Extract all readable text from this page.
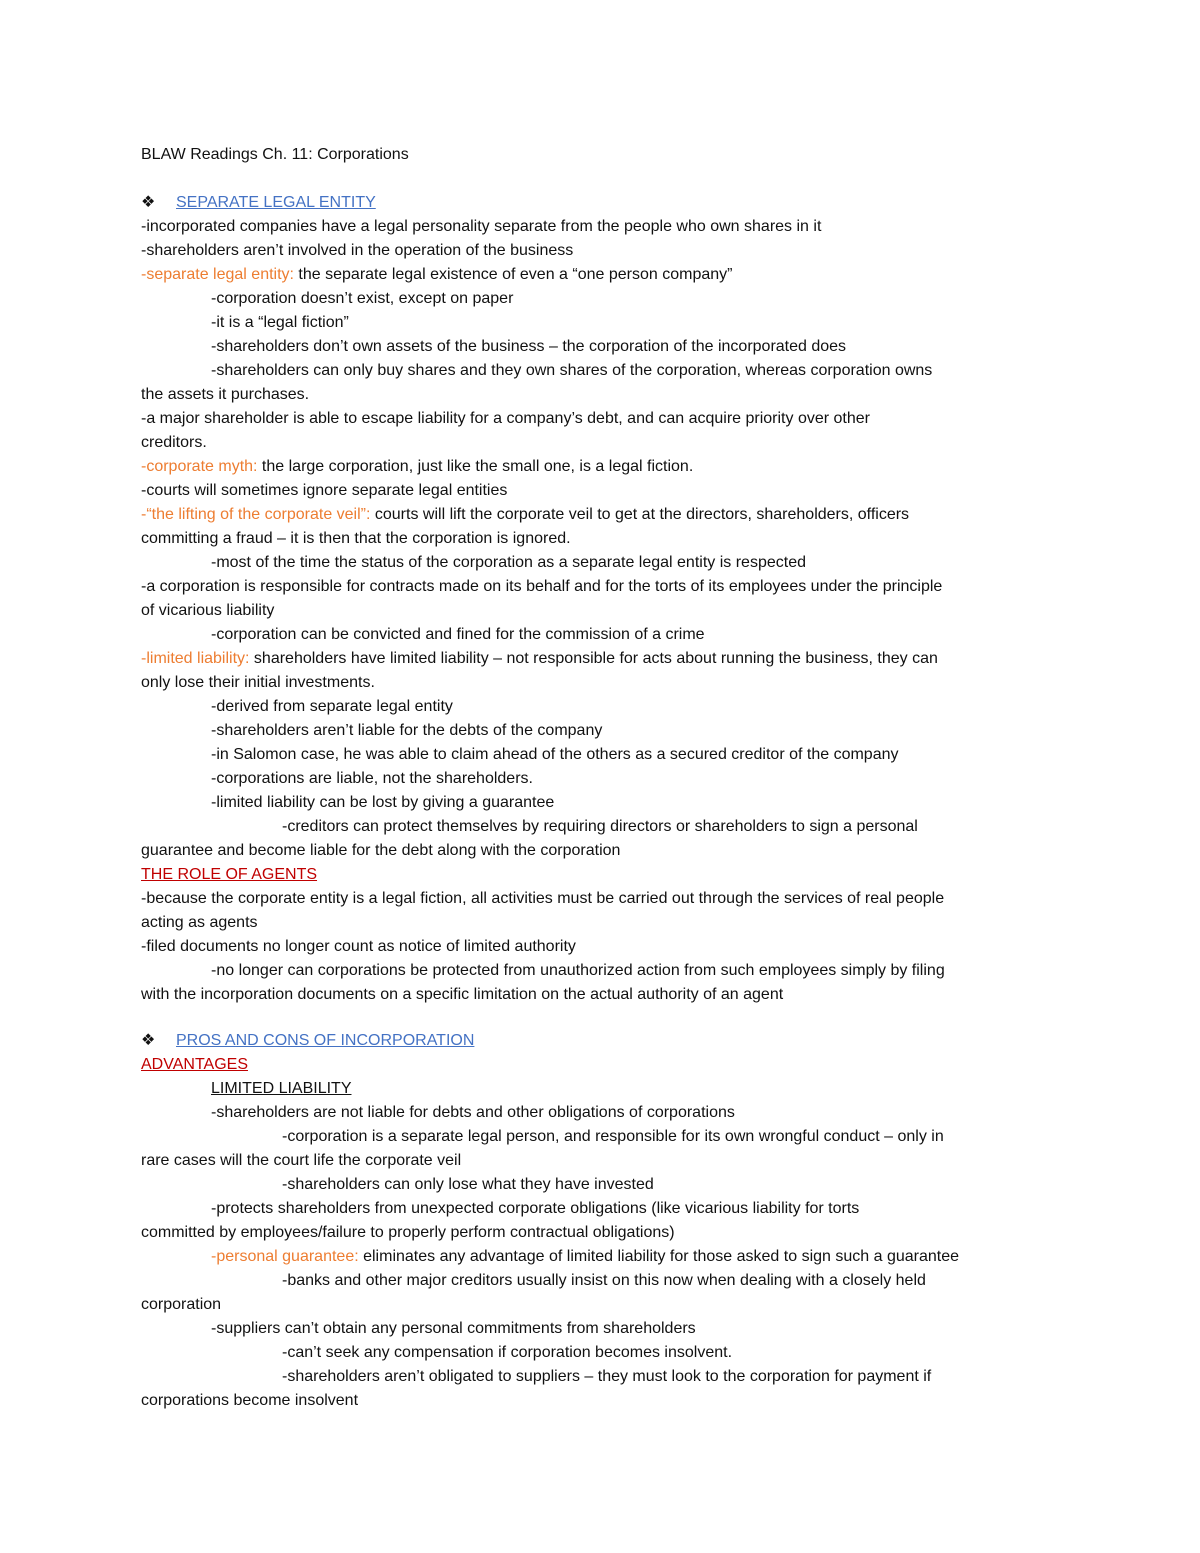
BLAW Readings Ch. 11: Corporations
❖ SEPARATE LEGAL ENTITY
-incorporated companies have a legal personality separate from the people who own shares in it
-shareholders aren’t involved in the operation of the business
-separate legal entity: the separate legal existence of even a “one person company”
-corporation doesn’t exist, except on paper
-it is a “legal fiction”
-shareholders don’t own assets of the business – the corporation of the incorporated does
-shareholders can only buy shares and they own shares of the corporation, whereas corporation owns
the assets it purchases.
-a major shareholder is able to escape liability for a company’s debt, and can acquire priority over other
creditors.
-corporate myth: the large corporation, just like the small one, is a legal fiction.
-courts will sometimes ignore separate legal entities
-“the lifting of the corporate veil”: courts will lift the corporate veil to get at the directors, shareholders, officers
committing a fraud – it is then that the corporation is ignored.
-most of the time the status of the corporation as a separate legal entity is respected
-a corporation is responsible for contracts made on its behalf and for the torts of its employees under the principle
of vicarious liability
-corporation can be convicted and fined for the commission of a crime
-limited liability: shareholders have limited liability – not responsible for acts about running the business, they can
only lose their initial investments.
-derived from separate legal entity
-shareholders aren’t liable for the debts of the company
-in Salomon case, he was able to claim ahead of the others as a secured creditor of the company
-corporations are liable, not the shareholders.
-limited liability can be lost by giving a guarantee
-creditors can protect themselves by requiring directors or shareholders to sign a personal
guarantee and become liable for the debt along with the corporation
THE ROLE OF AGENTS
-because the corporate entity is a legal fiction, all activities must be carried out through the services of real people
acting as agents
-filed documents no longer count as notice of limited authority
-no longer can corporations be protected from unauthorized action from such employees simply by filing
with the incorporation documents on a specific limitation on the actual authority of an agent
❖ PROS AND CONS OF INCORPORATION
ADVANTAGES
LIMITED LIABILITY
-shareholders are not liable for debts and other obligations of corporations
-corporation is a separate legal person, and responsible for its own wrongful conduct – only in
rare cases will the court life the corporate veil
-shareholders can only lose what they have invested
-protects shareholders from unexpected corporate obligations (like vicarious liability for torts
committed by employees/failure to properly perform contractual obligations)
-personal guarantee: eliminates any advantage of limited liability for those asked to sign such a guarantee
-banks and other major creditors usually insist on this now when dealing with a closely held
corporation
-suppliers can’t obtain any personal commitments from shareholders
-can’t seek any compensation if corporation becomes insolvent.
-shareholders aren’t obligated to suppliers – they must look to the corporation for payment if
corporations become insolvent
